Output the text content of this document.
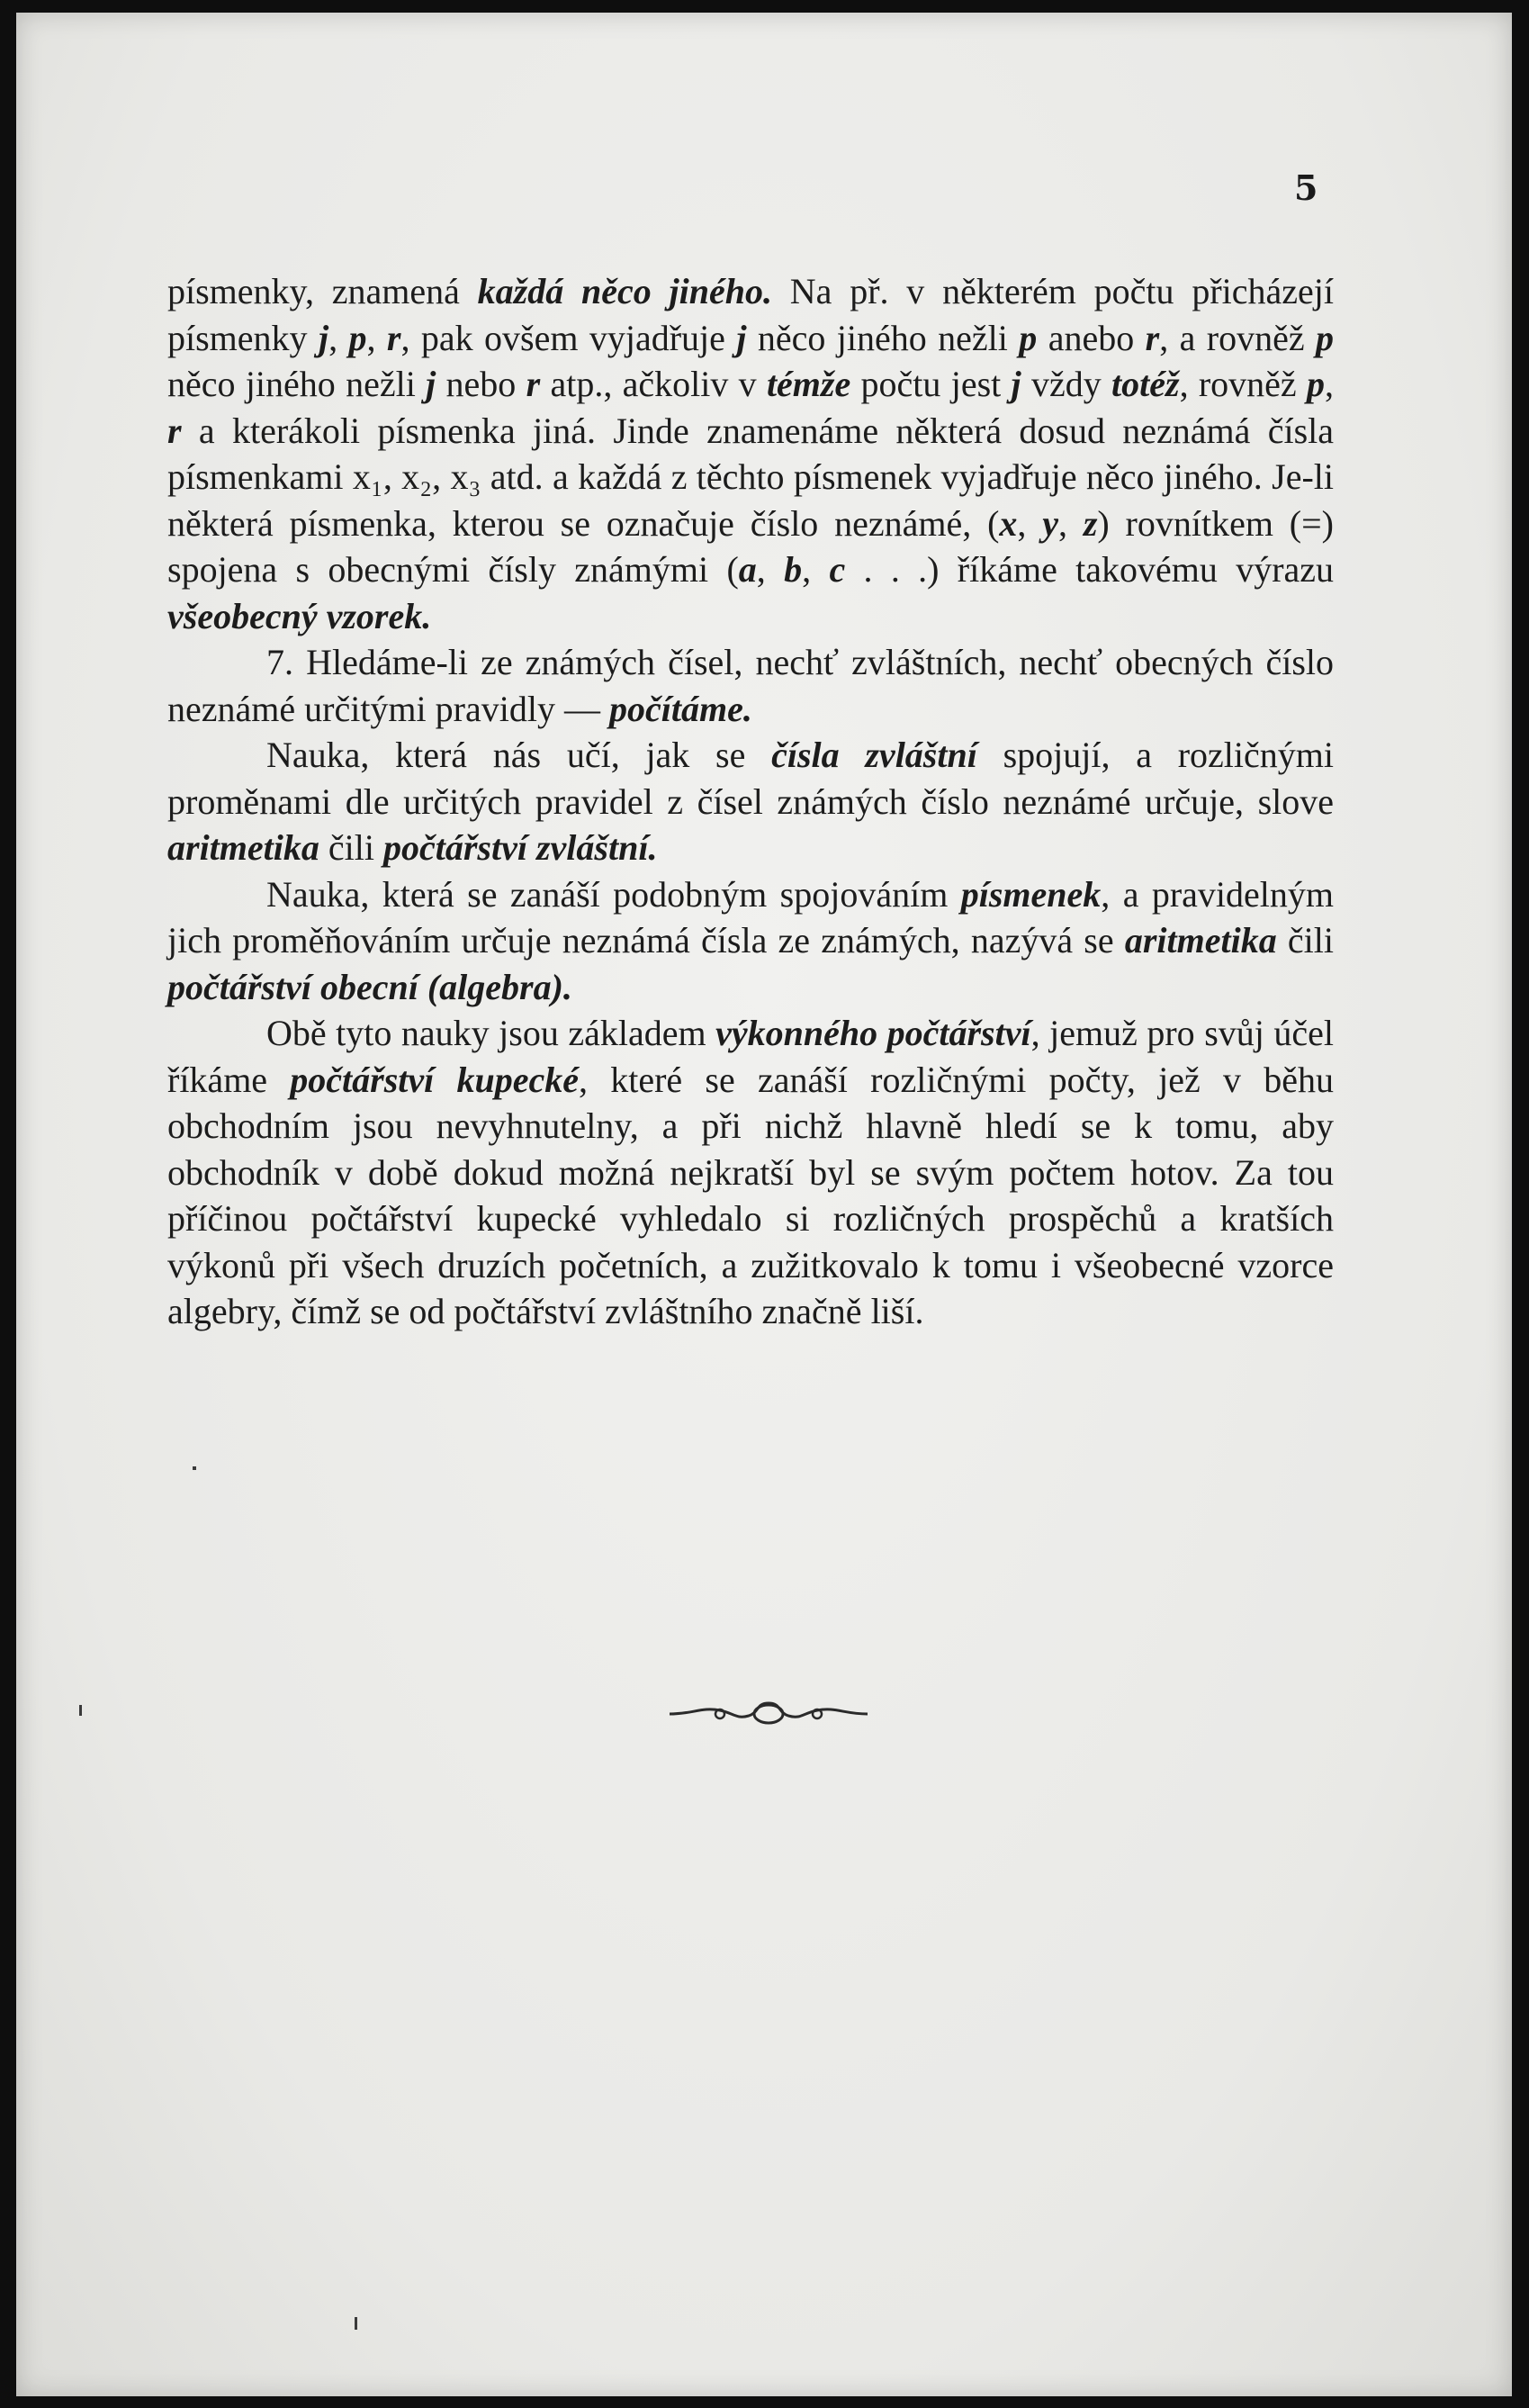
5

písmenky, znamená každá něco jiného. Na př. v některém počtu přicházejí písmenky j, p, r, pak ovšem vyjadřuje j něco jiného nežli p anebo r, a rovněž p něco jiného nežli j nebo r atp., ačkoliv v témže počtu jest j vždy totéž, rovněž p, r a kterákoli písmenka jiná. Jinde znamenáme některá dosud neznámá čísla písmenkami x₁, x₂, x₃ atd. a každá z těchto písmenek vyjadřuje něco jiného. Je-li některá písmenka, kterou se označuje číslo neznámé, (x, y, z) rovnítkem (=) spojena s obecnými čísly známými (a, b, c . . .) říkáme takovému výrazu všeobecný vzorek.

7. Hledáme-li ze známých čísel, nechť zvláštních, nechť obecných číslo neznámé určitými pravidly — počítáme.

Nauka, která nás učí, jak se čísla zvláštní spojují, a rozličnými proměnami dle určitých pravidel z čísel známých číslo neznámé určuje, slove aritmetika čili počtářství zvláštní.

Nauka, která se zanáší podobným spojováním písmenek, a pravidelným jich proměňováním určuje neznámá čísla ze známých, nazývá se aritmetika čili počtářství obecní (algebra).

Obě tyto nauky jsou základem výkonného počtářství, jemuž pro svůj účel říkáme počtářství kupecké, které se zanáší rozličnými počty, jež v běhu obchodním jsou nevyhnutelny, a při nichž hlavně hledí se k tomu, aby obchodník v době dokud možná nejkratší byl se svým počtem hotov. Za tou příčinou počtářství kupecké vyhledalo si rozličných prospěchů a kratších výkonů při všech druzích početních, a zužitkovalo k tomu i všeobecné vzorce algebry, čímž se od počtářství zvláštního značně liší.
